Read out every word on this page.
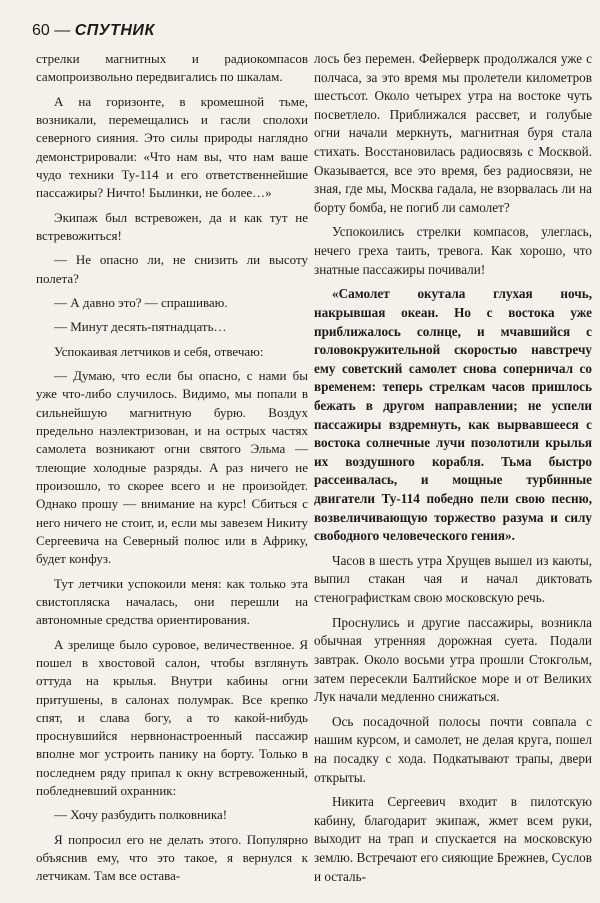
60 — СПУТНИК

стрелки магнитных и радиокомпасов самопроизвольно передвигались по шкалам.

А на горизонте, в кромешной тьме, возникали, перемещались и гасли сполохи северного сияния. Это силы природы наглядно демонстрировали: «Что нам вы, что нам ваше чудо техники Ту-114 и его ответственнейшие пассажиры? Ничто! Былинки, не более…»

Экипаж был встревожен, да и как тут не встревожиться!

— Не опасно ли, не снизить ли высоту полета?

— А давно это? — спрашиваю.

— Минут десять-пятнадцать…

Успокаивая летчиков и себя, отвечаю:

— Думаю, что если бы опасно, с нами бы уже что-либо случилось. Видимо, мы попали в сильнейшую магнитную бурю. Воздух предельно наэлектризован, и на острых частях самолета возникают огни святого Эльма — тлеющие холодные разряды. А раз ничего не произошло, то скорее всего и не произойдет. Однако прошу — внимание на курс! Сбиться с него ничего не стоит, и, если мы завезем Никиту Сергеевича на Северный полюс или в Африку, будет конфуз.

Тут летчики успокоили меня: как только эта свистопляска началась, они перешли на автономные средства ориентирования.

А зрелище было суровое, величественное. Я пошел в хвостовой салон, чтобы взглянуть оттуда на крылья. Внутри кабины огни притушены, в салонах полумрак. Все крепко спят, и слава богу, а то какой-нибудь проснувшийся нервнонастроенный пассажир вполне мог устроить панику на борту. Только в последнем ряду припал к окну встревоженный, побледневший охранник:

— Хочу разбудить полковника!

Я попросил его не делать этого. Популярно объяснив ему, что это такое, я вернулся к летчикам. Там все остава-

лось без перемен. Фейерверк продолжался уже с полчаса, за это время мы пролетели километров шестьсот. Около четырех утра на востоке чуть посветлело. Приближался рассвет, и голубые огни начали меркнуть, магнитная буря стала стихать. Восстановилась радиосвязь с Москвой. Оказывается, все это время, без радиосвязи, не зная, где мы, Москва гадала, не взорвалась ли на борту бомба, не погиб ли самолет?

Успокоились стрелки компасов, улеглась, нечего греха таить, тревога. Как хорошо, что знатные пассажиры почивали!

«Самолет окутала глухая ночь, накрывшая океан. Но с востока уже приближалось солнце, и мчавшийся с головокружительной скоростью навстречу ему советский самолет снова соперничал со временем: теперь стрелкам часов пришлось бежать в другом направлении; не успели пассажиры вздремнуть, как вырвавшееся с востока солнечные лучи позолотили крылья их воздушного корабля. Тьма быстро рассеивалась, и мощные турбинные двигатели Ту-114 победно пели свою песню, возвеличивающую торжество разума и силу свободного человеческого гения».

Часов в шесть утра Хрущев вышел из каюты, выпил стакан чая и начал диктовать стенографисткам свою московскую речь.

Проснулись и другие пассажиры, возникла обычная утренняя дорожная суета. Подали завтрак. Около восьми утра прошли Стокгольм, затем пересекли Балтийское море и от Великих Лук начали медленно снижаться.

Ось посадочной полосы почти совпала с нашим курсом, и самолет, не делая круга, пошел на посадку с хода. Подкатывают трапы, двери открыты.

Никита Сергеевич входит в пилотскую кабину, благодарит экипаж, жмет всем руки, выходит на трап и спускается на московскую землю. Встречают его сияющие Брежнев, Суслов и осталь-
